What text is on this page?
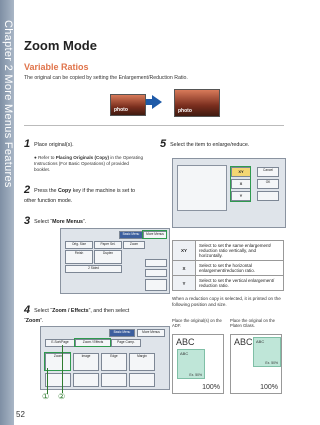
Chapter 2 More Menus Features Zoom Mode
Variable Ratios
The original can be copied by setting the Enlargement/Reduction Ratio.
photo	photo
1 Place original(s).
● Refer to Placing Originals (Copy) in the Operating Instructions (For Basic Operations) of provided booklet.
2 Press the Copy key if the machine is set to other function mode.
3 Select “More Menus”.
Basic Menu	More Menus
Orig. Size	Paper Sel.	Zoom
Finish	Duplex
2 Sided
4 Select “Zoom / Effects”, and then select “Zoom”.
Basic Menu	More Menus
E-Sort/Page	Zoom / Effects	Page Comp.
Zoom	Image	Edge	Margin
① ②
5 Select the item to enlarge/reduce.
XY
X
Y
Cancel
OK
XY	Select to set the same enlargement/ reduction ratio vertically, and horizontally.
X	Select to set the horizontal enlargement/reduction ratio.
Y	Select to set the vertical enlargement/ reduction ratio.
When a reduction copy is selected, it is printed on the following position and size.
Place the original(s) on the ADF.
Place the original on the Platen Glass.
ABC
ABC
Ex. 50%
100%
ABC ABC
Ex. 50%
100%
52
